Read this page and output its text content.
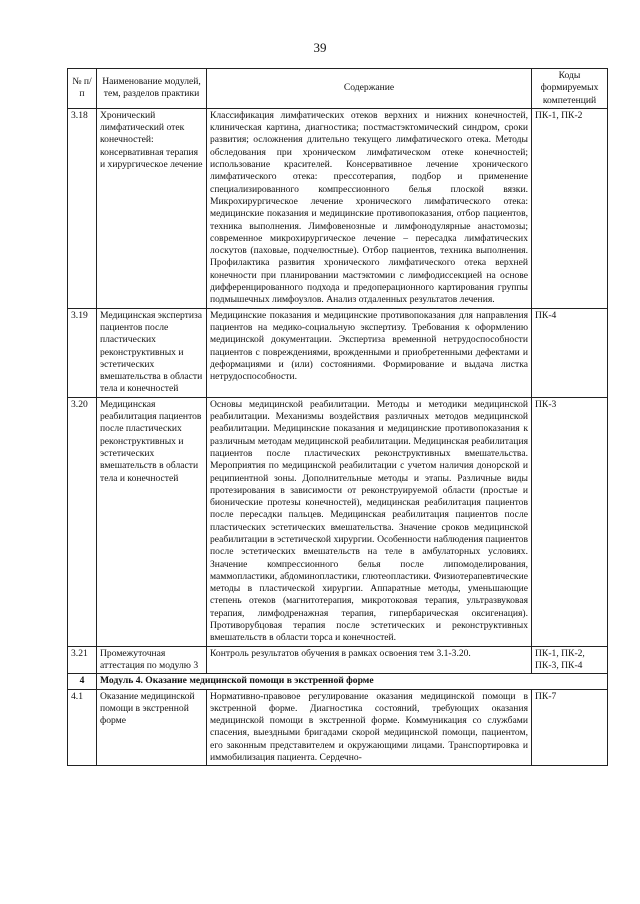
39
№ п/п	Наименование модулей, тем, разделов практики	Содержание	Коды формируемых компетенций
3.18	Хронический лимфатический отек конечностей: консервативная терапия и хирургическое лечение	Классификация лимфатических отеков верхних и нижних конечностей, клиническая картина, диагностика; постмастэктомический синдром, сроки развития; осложнения длительно текущего лимфатического отека. Методы обследования при хроническом лимфатическом отеке конечностей; использование красителей. Консервативное лечение хронического лимфатического отека: прессотерапия, подбор и применение специализированного компрессионного белья плоской вязки. Микрохирургическое лечение хронического лимфатического отека: медицинские показания и медицинские противопоказания, отбор пациентов, техника выполнения. Лимфовенозные и лимфонодулярные анастомозы; современное микрохирургическое лечение – пересадка лимфатических лоскутов (паховые, подчелюстные). Отбор пациентов, техника выполнения. Профилактика развития хронического лимфатического отека верхней конечности при планировании мастэктомии с лимфодиссекцией на основе дифференцированного подхода и предоперационного картирования группы подмышечных лимфоузлов. Анализ отдаленных результатов лечения.	ПК-1, ПК-2
3.19	Медицинская экспертиза пациентов после пластических реконструктивных и эстетических вмешательства в области тела и конечностей	Медицинские показания и медицинские противопоказания для направления пациентов на медико-социальную экспертизу. Требования к оформлению медицинской документации. Экспертиза временной нетрудоспособности пациентов с повреждениями, врожденными и приобретенными дефектами и деформациями и (или) состояниями. Формирование и выдача листка нетрудоспособности.	ПК-4
3.20	Медицинская реабилитация пациентов после пластических реконструктивных и эстетических вмешательств в области тела и конечностей	Основы медицинской реабилитации. Методы и методики медицинской реабилитации. Механизмы воздействия различных методов медицинской реабилитации. Медицинские показания и медицинские противопоказания к различным методам медицинской реабилитации. Медицинская реабилитация пациентов после пластических реконструктивных вмешательства. Мероприятия по медицинской реабилитации с учетом наличия донорской и реципиентной зоны. Дополнительные методы и этапы. Различные виды протезирования в зависимости от реконструируемой области (простые и бионические протезы конечностей), медицинская реабилитация пациентов после пересадки пальцев. Медицинская реабилитация пациентов после пластических эстетических вмешательства. Значение сроков медицинской реабилитации в эстетической хирургии. Особенности наблюдения пациентов после эстетических вмешательств на теле в амбулаторных условиях. Значение компрессионного белья после липомоделирования, маммопластики, абдоминопластики, глютеопластики. Физиотерапевтические методы в пластической хирургии. Аппаратные методы, уменьшающие степень отеков (магнитотерапия, микротоковая терапия, ультразвуковая терапия, лимфодренажная терапия, гипербарическая оксигенация). Противорубцовая терапия после эстетических и реконструктивных вмешательств в области торса и конечностей.	ПК-3
3.21	Промежуточная аттестация по модулю 3	Контроль результатов обучения в рамках освоения тем 3.1-3.20.	ПК-1, ПК-2, ПК-3, ПК-4
4	Модуль 4. Оказание медицинской помощи в экстренной форме		
4.1	Оказание медицинской помощи в экстренной форме	Нормативно-правовое регулирование оказания медицинской помощи в экстренной форме. Диагностика состояний, требующих оказания медицинской помощи в экстренной форме. Коммуникация со службами спасения, выездными бригадами скорой медицинской помощи, пациентом, его законным представителем и окружающими лицами. Транспортировка и иммобилизация пациента. Сердечно-	ПК-7
